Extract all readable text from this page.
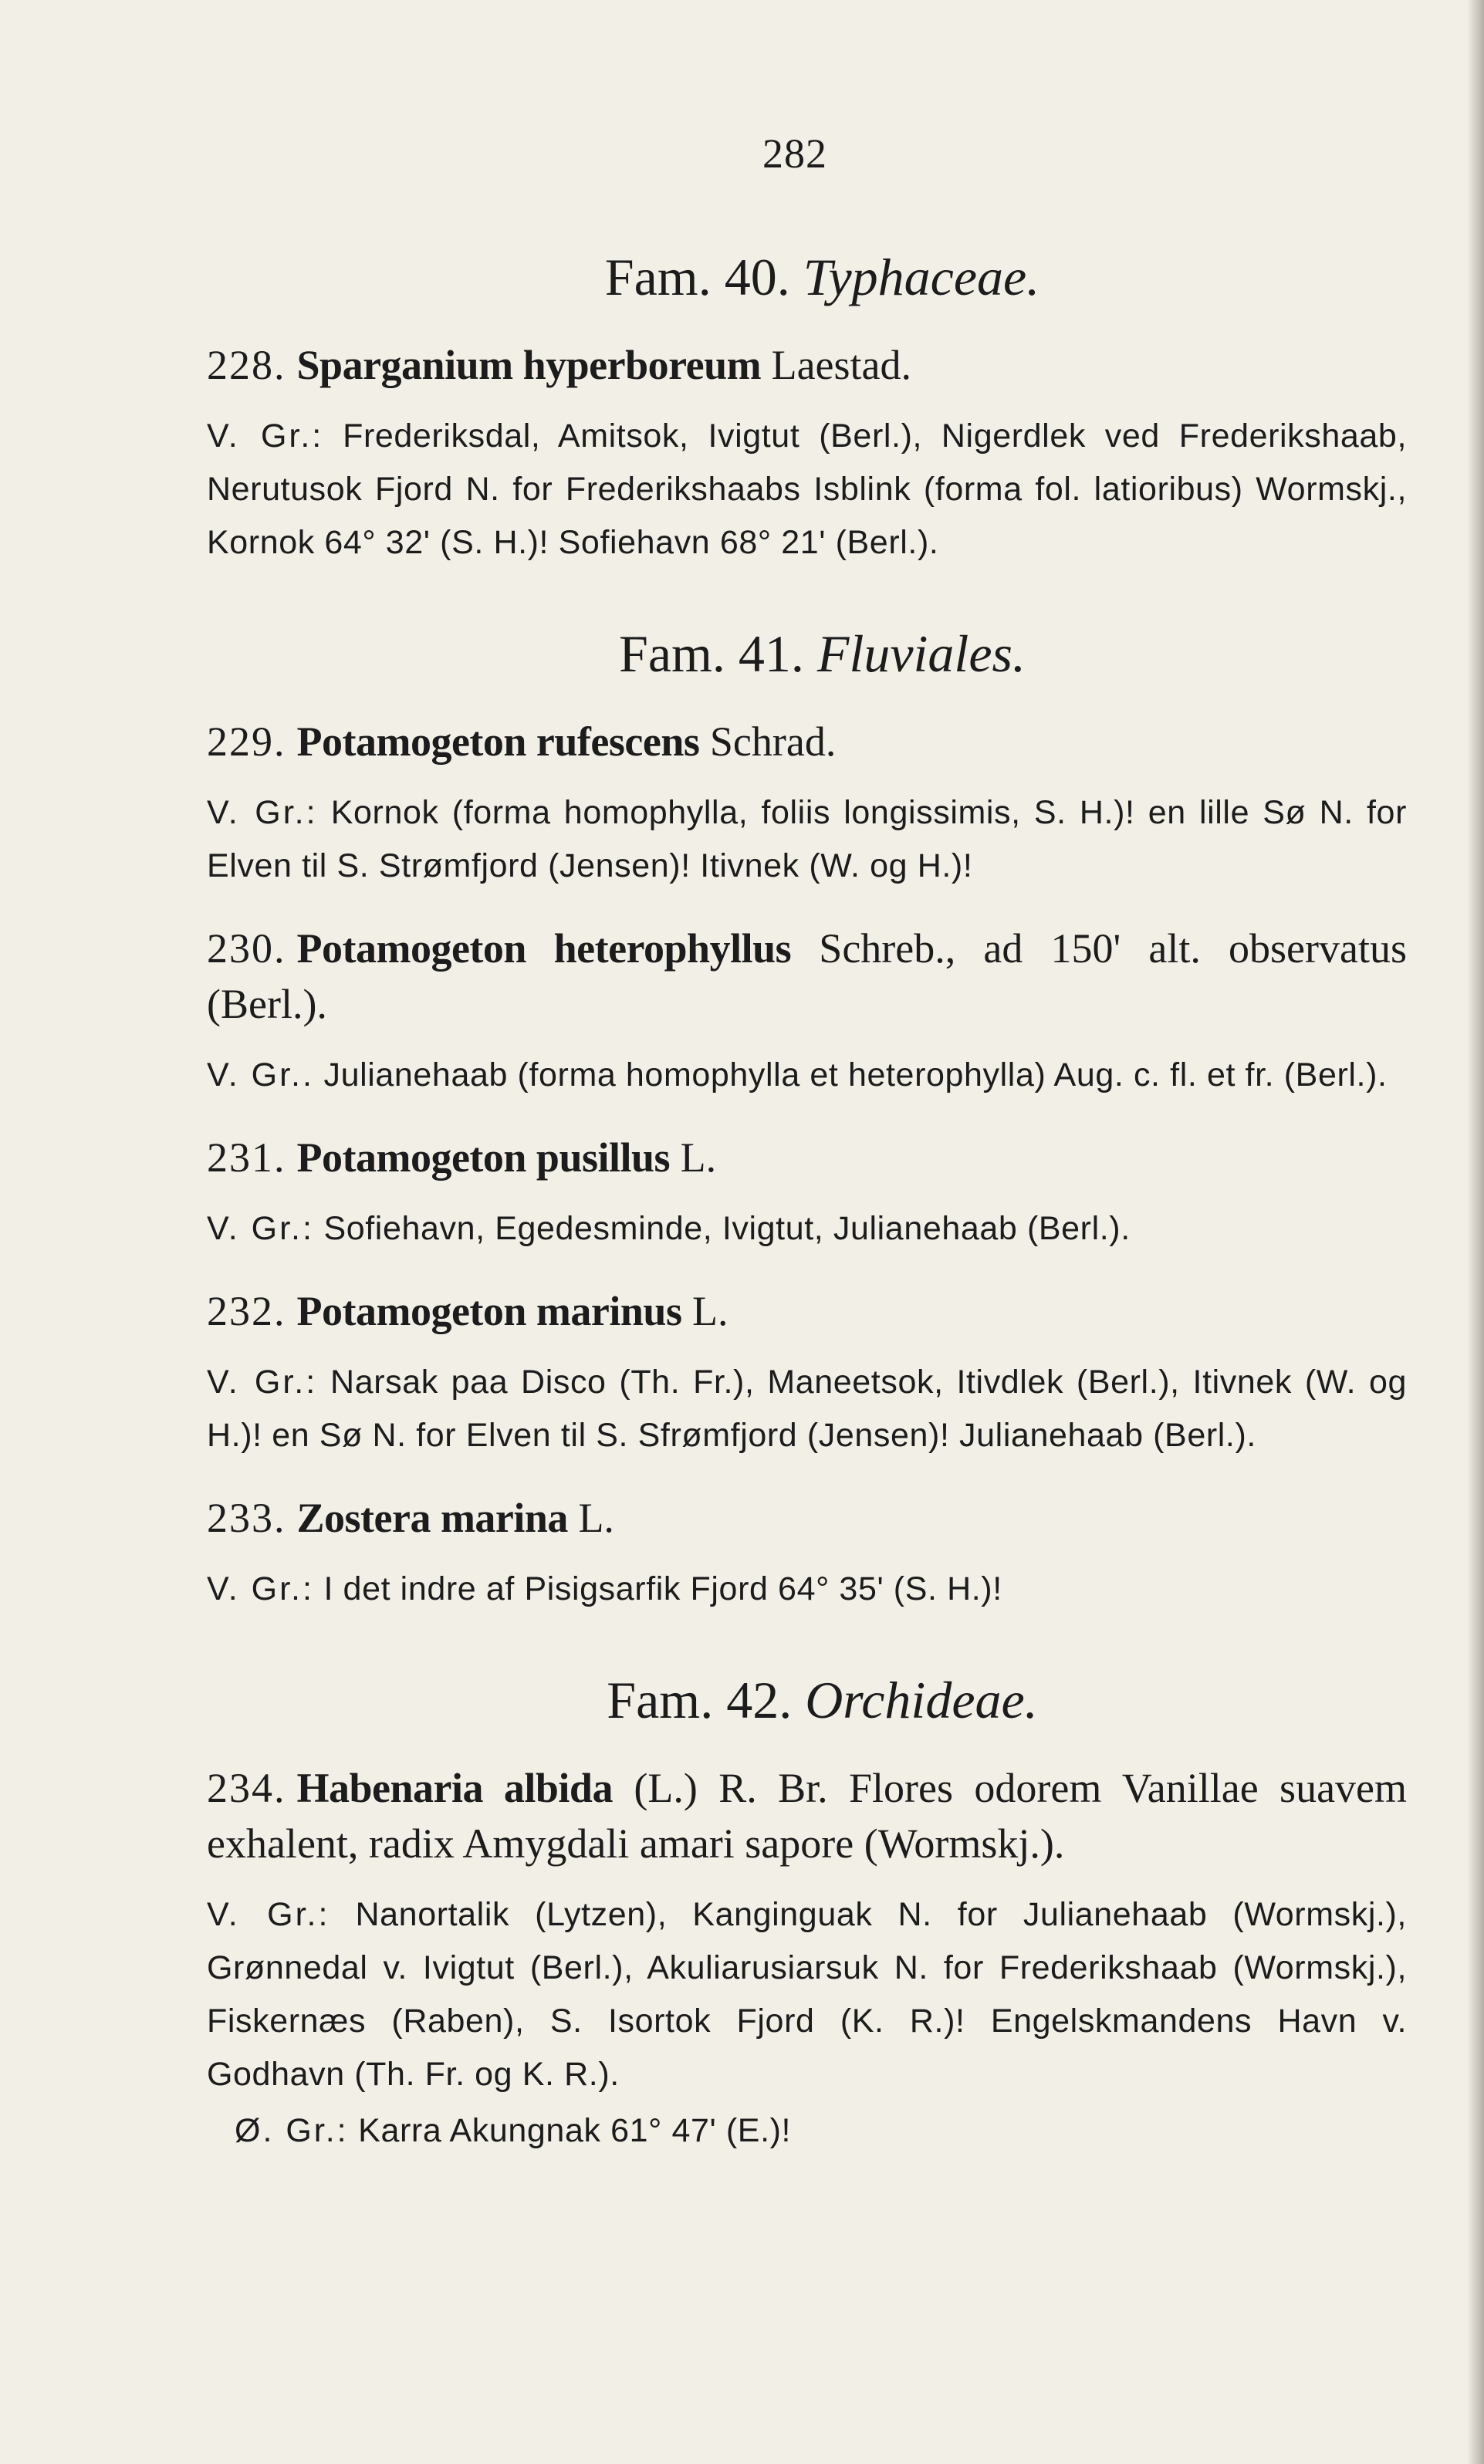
282
Fam. 40. Typhaceae.
228. Sparganium hyperboreum Laestad.
V. Gr.: Frederiksdal, Amitsok, Ivigtut (Berl.), Nigerdlek ved Frederikshaab, Nerutusok Fjord N. for Frederikshaabs Isblink (forma fol. latioribus) Wormskj., Kornok 64° 32' (S. H.)! Sofiehavn 68° 21' (Berl.).
Fam. 41. Fluviales.
229. Potamogeton rufescens Schrad.
V. Gr.: Kornok (forma homophylla, foliis longissimis, S. H.)! en lille Sø N. for Elven til S. Strømfjord (Jensen)! Itivnek (W. og H.)!
230. Potamogeton heterophyllus Schreb., ad 150' alt. observatus (Berl.).
V. Gr.. Julianehaab (forma homophylla et heterophylla) Aug. c. fl. et fr. (Berl.).
231. Potamogeton pusillus L.
V. Gr.: Sofiehavn, Egedesminde, Ivigtut, Julianehaab (Berl.).
232. Potamogeton marinus L.
V. Gr.: Narsak paa Disco (Th. Fr.), Maneetsok, Itivdlek (Berl.), Itivnek (W. og H.)! en Sø N. for Elven til S. Sfrømfjord (Jensen)! Julianehaab (Berl.).
233. Zostera marina L.
V. Gr.: I det indre af Pisigsarfik Fjord 64° 35' (S. H.)!
Fam. 42. Orchideae.
234. Habenaria albida (L.) R. Br. Flores odorem Vanillae suavem exhalent, radix Amygdali amari sapore (Wormskj.).
V. Gr.: Nanortalik (Lytzen), Kanginguak N. for Julianehaab (Wormskj.), Grønnedal v. Ivigtut (Berl.), Akuliarusiarsuk N. for Frederikshaab (Wormskj.), Fiskernæs (Raben), S. Isortok Fjord (K. R.)! Engelskmandens Havn v. Godhavn (Th. Fr. og K. R.).
Ø. Gr.: Karra Akungnak 61° 47' (E.)!
